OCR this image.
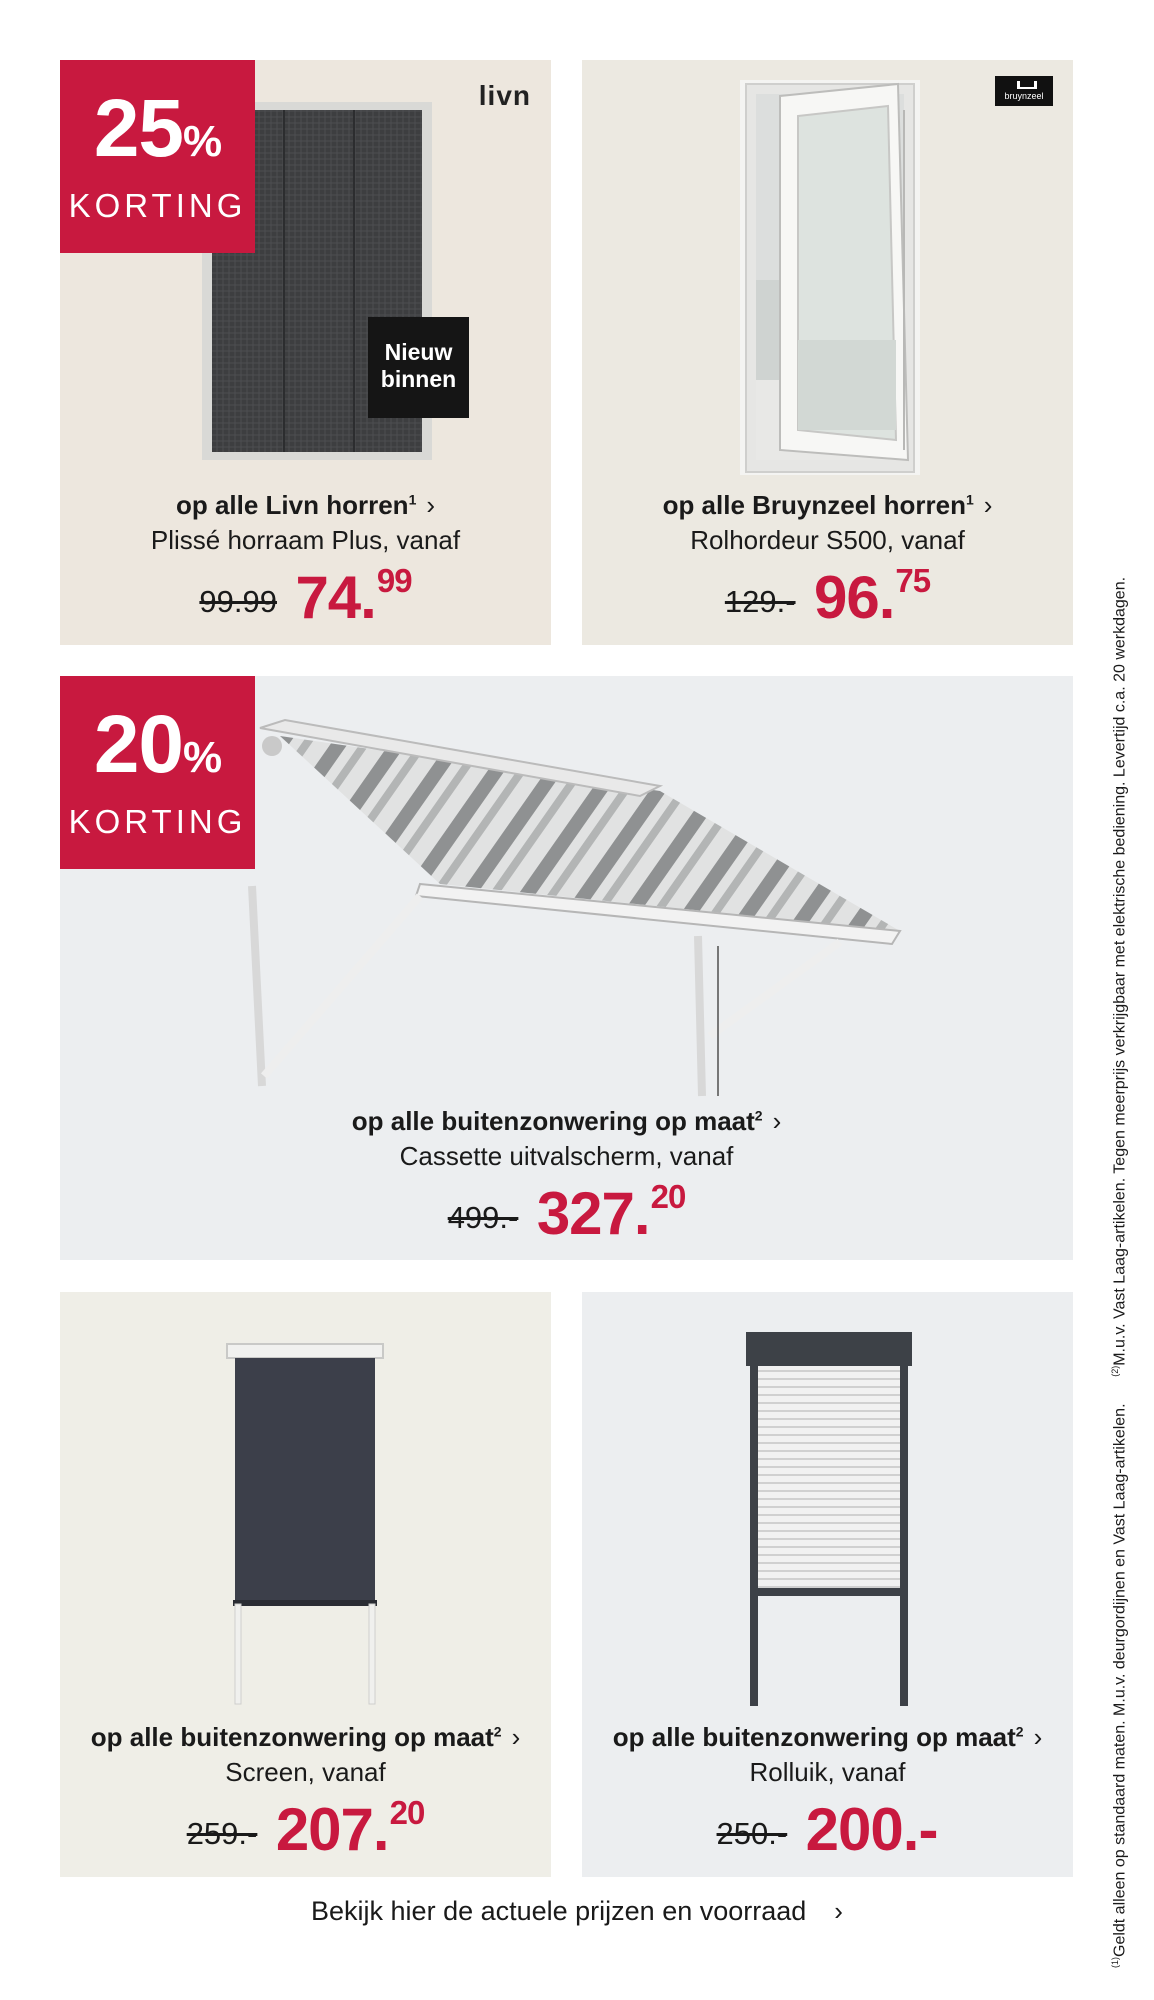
25%
KORTING
livn
Nieuw
binnen
op alle Livn horren$^1$ ›
Plissé horraam Plus, vanaf
99.99 74.99
bruynzeel
op alle Bruynzeel horren$^1$ ›
Rolhordeur S500, vanaf
129.- 96.75
20%
KORTING
op alle buitenzonwering op maat$^2$ ›
Cassette uitvalscherm, vanaf
499.- 327.20
op alle buitenzonwering op maat$^2$ ›
Screen, vanaf
259.- 207.20
op alle buitenzonwering op maat$^2$ ›
Rolluik, vanaf
250.- 200.-
Bekijk hier de actuele prijzen en voorraad ›
$^{(1)}$Geldt alleen op standaard maten. M.u.v. deurgordijnen en Vast Laag-artikelen.      $^{(2)}$M.u.v. Vast Laag-artikelen. Tegen meerprijs verkrijgbaar met elektrische bediening. Levertijd c.a. 20 werkdagen.
